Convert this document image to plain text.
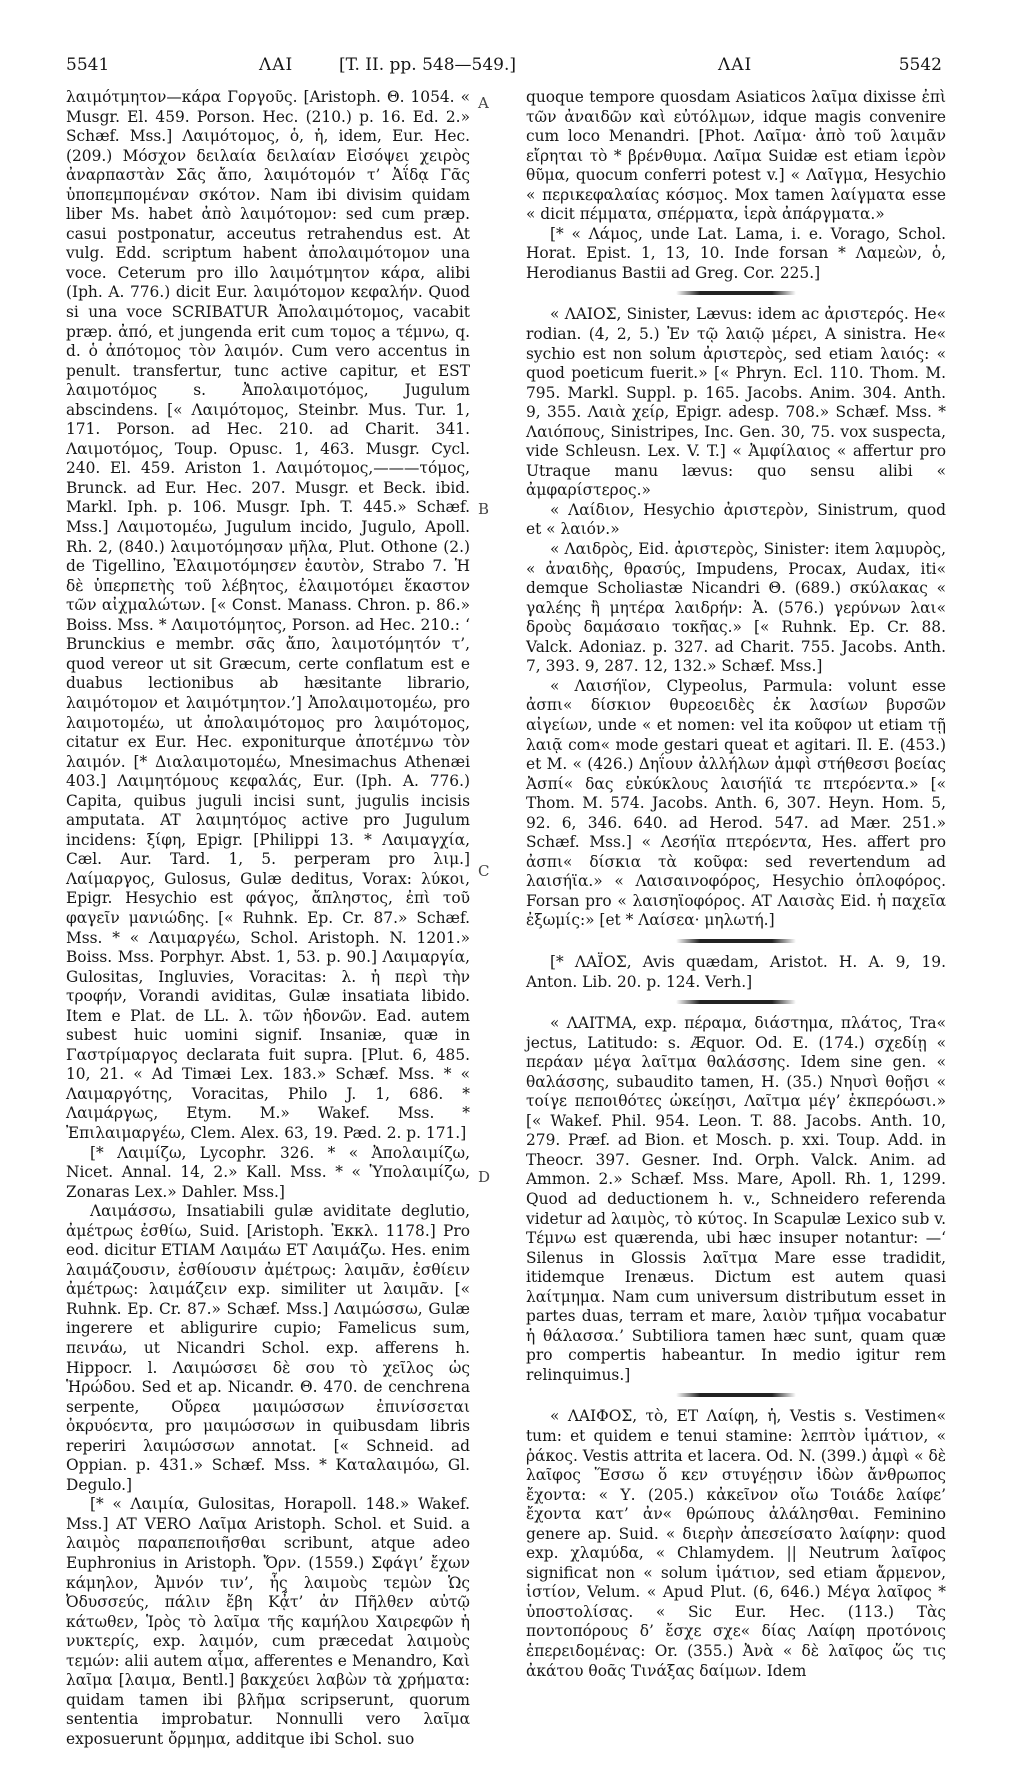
5541	ΛΑΙ	[T. II. pp. 548—549.]	ΛΑΙ	5542
A
B
C
D

λαιμότμητον—κάρα Γοργοῦς. [Aristoph. Θ. 1054. « Musgr. El. 459. Porson. Hec. (210.) p. 16. Ed. 2.» Schæf. Mss.] Λαιμότομος, ὁ, ἡ, idem, Eur. Hec. (209.) Μόσχον δειλαία δειλαίαν Εἰσόψει χειρὸς ἀναρπαστὰν Σᾶς ἄπο, λαιμότομόν τ’ Ἀΐδᾳ Γᾶς ὑποπεμπομέναν σκότον. Nam ibi divisim quidam liber Ms. habet ἀπὸ λαιμότομον: sed cum præp. casui postponatur, acceutus retrahendus est. At vulg. Edd. scriptum habent ἀπολαιμότομον una voce. Ceterum pro illo λαιμότμητον κάρα, alibi (Iph. A. 776.) dicit Eur. λαιμότομον κεφαλήν. Quod si una voce SCRIBATUR Ἀπολαιμότομος, vacabit præp. ἀπό, et jungenda erit cum τομος a τέμνω, q. d. ὁ ἀπότομος τὸν λαιμόν. Cum vero accentus in penult. transfertur, tunc active capitur, et EST λαιμοτόμος s. Ἀπολαιμοτόμος, Jugulum abscindens. [« Λαιμότομος, Steinbr. Mus. Tur. 1, 171. Porson. ad Hec. 210. ad Charit. 341. Λαιμοτόμος, Toup. Opusc. 1, 463. Musgr. Cycl. 240. El. 459. Ariston 1. Λαιμότομος,———τόμος, Brunck. ad Eur. Hec. 207. Musgr. et Beck. ibid. Markl. Iph. p. 106. Musgr. Iph. T. 445.» Schæf. Mss.] Λαιμοτομέω, Jugulum incido, Jugulo, Apoll. Rh. 2, (840.) λαιμοτόμησαν μῆλα, Plut. Othone (2.) de Tigellino, Ἐλαιμοτόμησεν ἑαυτὸν, Strabo 7. Ἡ δὲ ὑπερπετὴς τοῦ λέβητος, ἐλαιμοτόμει ἕκαστον τῶν αἰχμαλώτων. [« Const. Manass. Chron. p. 86.» Boiss. Mss. * Λαιμοτόμητος, Porson. ad Hec. 210.: ‘ Brunckius e membr. σᾶς ἄπο, λαιμοτόμητόν τ’, quod vereor ut sit Græcum, certe conflatum est e duabus lectionibus ab hæsitante librario, λαιμότομον et λαιμότμητον.’] Ἀπολαιμοτομέω, pro λαιμοτομέω, ut ἀπολαιμότομος pro λαιμότομος, citatur ex Eur. Hec. exponiturque ἀποτέμνω τὸν λαιμόν. [* Διαλαιμοτομέω, Mnesimachus Athenæi 403.] Λαιμητόμους κεφαλάς, Eur. (Iph. A. 776.) Capita, quibus juguli incisi sunt, jugulis incisis amputata. AT λαιμητόμος active pro Jugulum incidens: ξίφη, Epigr. [Philippi 13. * Λαιμαγχία, Cæl. Aur. Tard. 1, 5. perperam pro λιμ.] Λαίμαργος, Gulosus, Gulæ deditus, Vorax: λύκοι, Epigr. Hesychio est φάγος, ἄπληστος, ἐπὶ τοῦ φαγεῖν μανιώδης. [« Ruhnk. Ep. Cr. 87.» Schæf. Mss. * « Λαιμαργέω, Schol. Aristoph. N. 1201.» Boiss. Mss. Porphyr. Abst. 1, 53. p. 90.] Λαιμαργία, Gulositas, Ingluvies, Voracitas: λ. ἡ περὶ τὴν τροφήν, Vorandi aviditas, Gulæ insatiata libido. Item e Plat. de LL. λ. τῶν ἡδονῶν. Ead. autem subest huic uomini signif. Insaniæ, quæ in Γαστρίμαργος declarata fuit supra. [Plut. 6, 485. 10, 21. « Ad Timæi Lex. 183.» Schæf. Mss. * « Λαιμαργότης, Voracitas, Philo J. 1, 686. * Λαιμάργως, Etym. M.» Wakef. Mss. * Ἐπιλαιμαργέω, Clem. Alex. 63, 19. Pæd. 2. p. 171.]

[* Λαιμίζω, Lycophr. 326. * « Ἀπολαιμίζω, Nicet. Annal. 14, 2.» Kall. Mss. * « Ὑπολαιμίζω, Zonaras Lex.» Dahler. Mss.]

Λαιμάσσω, Insatiabili gulæ aviditate deglutio, ἀμέτρως ἐσθίω, Suid. [Aristoph. Ἐκκλ. 1178.] Pro eod. dicitur ETIAM Λαιμάω ET Λαιμάζω. Hes. enim λαιμάζουσιν, ἐσθίουσιν ἀμέτρως: λαιμᾶν, ἐσθίειν ἀμέτρως: λαιμάζειν exp. similiter ut λαιμᾶν. [« Ruhnk. Ep. Cr. 87.» Schæf. Mss.] Λαιμώσσω, Gulæ ingerere et abligurire cupio; Famelicus sum, πεινάω, ut Nicandri Schol. exp. afferens h. Hippocr. l. Λαιμώσσει δὲ σου τὸ χεῖλος ὡς Ἡρώδου. Sed et ap. Nicandr. Θ. 470. de cenchrena serpente, Οὔρεα μαιμώσσων ἐπινίσσεται ὀκρυόεντα, pro μαιμώσσων in quibusdam libris reperiri λαιμώσσων annotat. [« Schneid. ad Oppian. p. 431.» Schæf. Mss. * Καταλαιμόω, Gl. Degulo.]

[* « Λαιμία, Gulositas, Horapoll. 148.» Wakef. Mss.] AT VERO Λαῖμα Aristoph. Schol. et Suid. a λαιμὸς παραπεποιῆσθαι scribunt, atque adeo Euphronius in Aristoph. Ὄρν. (1559.) Σφάγι’ ἔχων κάμηλον, Ἀμνόν τιν’, ἧς λαιμοὺς τεμὼν Ὡς Ὀδυσσεύς, πάλιν ἔβη Κᾆτ’ ἀν Πῆλθεν αὐτῷ κάτωθεν, Ἱρὸς τὸ λαῖμα τῆς καμήλου Χαιρεφῶν ἡ νυκτερίς, exp. λαιμόν, cum præcedat λαιμοὺς τεμών: alii autem αἷμα, afferentes e Menandro, Καὶ λαῖμα [λαιμα, Bentl.] βακχεύει λαβὼν τὰ χρήματα: quidam tamen ibi βλῆμα scripserunt, quorum sententia improbatur. Nonnulli vero λαῖμα exposuerunt ὄρμημα, additque ibi Schol. suo

quoque tempore quosdam Asiaticos λαῖμα dixisse ἐπὶ τῶν ἀναιδῶν καὶ εὐτόλμων, idque magis convenire cum loco Menandri. [Phot. Λαῖμα· ἀπὸ τοῦ λαιμᾶν εἴρηται τὸ * βρένθυμα. Λαῖμα Suidæ est etiam ἱερὸν θῦμα, quocum conferri potest v.] « Λαῖγμα, Hesychio « περικεφαλαίας κόσμος. Mox tamen λαίγματα esse « dicit πέμματα, σπέρματα, ἱερὰ ἀπάργματα.»

[* « Λάμος, unde Lat. Lama, i. e. Vorago, Schol. Horat. Epist. 1, 13, 10. Inde forsan * Λαμεὼν, ὁ, Herodianus Bastii ad Greg. Cor. 225.]

« ΛΑΙΟΣ, Sinister, Lævus: idem ac ἀριστερός. He« rodian. (4, 2, 5.) Ἐν τῷ λαιῷ μέρει, A sinistra. He« sychio est non solum ἀριστερὸς, sed etiam λαιός: « quod poeticum fuerit.» [« Phryn. Ecl. 110. Thom. M. 795. Markl. Suppl. p. 165. Jacobs. Anim. 304. Anth. 9, 355. Λαιὰ χείρ, Epigr. adesp. 708.» Schæf. Mss. * Λαιόπους, Sinistripes, Inc. Gen. 30, 75. vox suspecta, vide Schleusn. Lex. V. T.] « Ἀμφίλαιος « affertur pro Utraque manu lævus: quo sensu alibi « ἀμφαρίστερος.»

« Λαίδιον, Hesychio ἀριστερὸν, Sinistrum, quod et « λαιόν.»

« Λαιδρὸς, Eid. ἀριστερὸς, Sinister: item λαμυρὸς, « ἀναιδὴς, θρασύς, Impudens, Procax, Audax, iti« demque Scholiastæ Nicandri Θ. (689.) σκύλακας « γαλέης ἢ μητέρα λαιδρήν: Ἀ. (576.) γερύνων λαι« δροὺς δαμάσαιο τοκῆας.» [« Ruhnk. Ep. Cr. 88. Valck. Adoniaz. p. 327. ad Charit. 755. Jacobs. Anth. 7, 393. 9, 287. 12, 132.» Schæf. Mss.]

« Λαισήϊον, Clypeolus, Parmula: volunt esse ἀσπι« δίσκιον θυρεοειδὲς ἐκ λασίων βυρσῶν αἰγείων, unde « et nomen: vel ita κοῦφον ut etiam τῇ λαιᾷ com« mode gestari queat et agitari. Il. E. (453.) et M. « (426.) Δηΐουν ἀλλήλων ἀμφὶ στήθεσσι βοείας Ἀσπί« δας εὐκύκλους λαισήϊά τε πτερόεντα.» [« Thom. M. 574. Jacobs. Anth. 6, 307. Heyn. Hom. 5, 92. 6, 346. 640. ad Herod. 547. ad Mær. 251.» Schæf. Mss.] « Λεσήϊα πτερόεντα, Hes. affert pro ἀσπι« δίσκια τὰ κοῦφα: sed revertendum ad λαισήϊα.» « Λαισαινοφόρος, Hesychio ὁπλοφόρος. Forsan pro « λαισηϊοφόρος. AT Λαισὰς Eid. ἡ παχεῖα ἐξωμίς:» [et * Λαίσεα· μηλωτή.]

[* ΛΑΪΟΣ, Avis quædam, Aristot. H. A. 9, 19. Anton. Lib. 20. p. 124. Verh.]

« ΛΑΙΤΜΑ, exp. πέραμα, διάστημα, πλάτος, Tra« jectus, Latitudo: s. Æquor. Od. E. (174.) σχεδίῃ « περάαν μέγα λαῖτμα θαλάσσης. Idem sine gen. « θαλάσσης, subaudito tamen, H. (35.) Νηυσὶ θοῇσι « τοίγε πεποιθότες ὠκείῃσι, Λαῖτμα μέγ’ ἐκπερόωσι.» [« Wakef. Phil. 954. Leon. T. 88. Jacobs. Anth. 10, 279. Præf. ad Bion. et Mosch. p. xxi. Toup. Add. in Theocr. 397. Gesner. Ind. Orph. Valck. Anim. ad Ammon. 2.» Schæf. Mss. Mare, Apoll. Rh. 1, 1299. Quod ad deductionem h. v., Schneidero referenda videtur ad λαιμὸς, τὸ κύτος. In Scapulæ Lexico sub v. Τέμνω est quærenda, ubi hæc insuper notantur: —‘ Silenus in Glossis λαῖτμα Mare esse tradidit, itidemque Irenæus. Dictum est autem quasi λαίτμημα. Nam cum universum distributum esset in partes duas, terram et mare, λαιὸν τμῆμα vocabatur ἡ θάλασσα.’ Subtiliora tamen hæc sunt, quam quæ pro compertis habeantur. In medio igitur rem relinquimus.]

« ΛΑΙΦΟΣ, τὸ, ET Λαίφη, ἡ, Vestis s. Vestimen« tum: et quidem e tenui stamine: λεπτὸν ἱμάτιον, « ῥάκος. Vestis attrita et lacera. Od. N. (399.) ἀμφὶ « δὲ λαῖφος Ἕσσω ὅ κεν στυγέῃσιν ἰδὼν ἄνθρωπος ἔχοντα: « Υ. (205.) κἀκεῖνον οἴω Τοιάδε λαίφε’ ἔχοντα κατ’ ἀν« θρώπους ἀλάλησθαι. Feminino genere ap. Suid. « διερὴν ἀπεσείσατο λαίφην: quod exp. χλαμύδα, « Chlamydem. || Neutrum λαῖφος significat non « solum ἱμάτιον, sed etiam ἄρμενον, ἱστίον, Velum. « Apud Plut. (6, 646.) Μέγα λαῖφος * ὑποστολίσας. « Sic Eur. Hec. (113.) Τὰς ποντοπόρους δ’ ἔσχε σχε« δίας Λαίφη προτόνοις ἐπερειδομένας: Or. (355.) Ἀνὰ « δὲ λαῖφος ὥς τις ἀκάτου θοᾶς Τινάξας δαίμων. Idem
